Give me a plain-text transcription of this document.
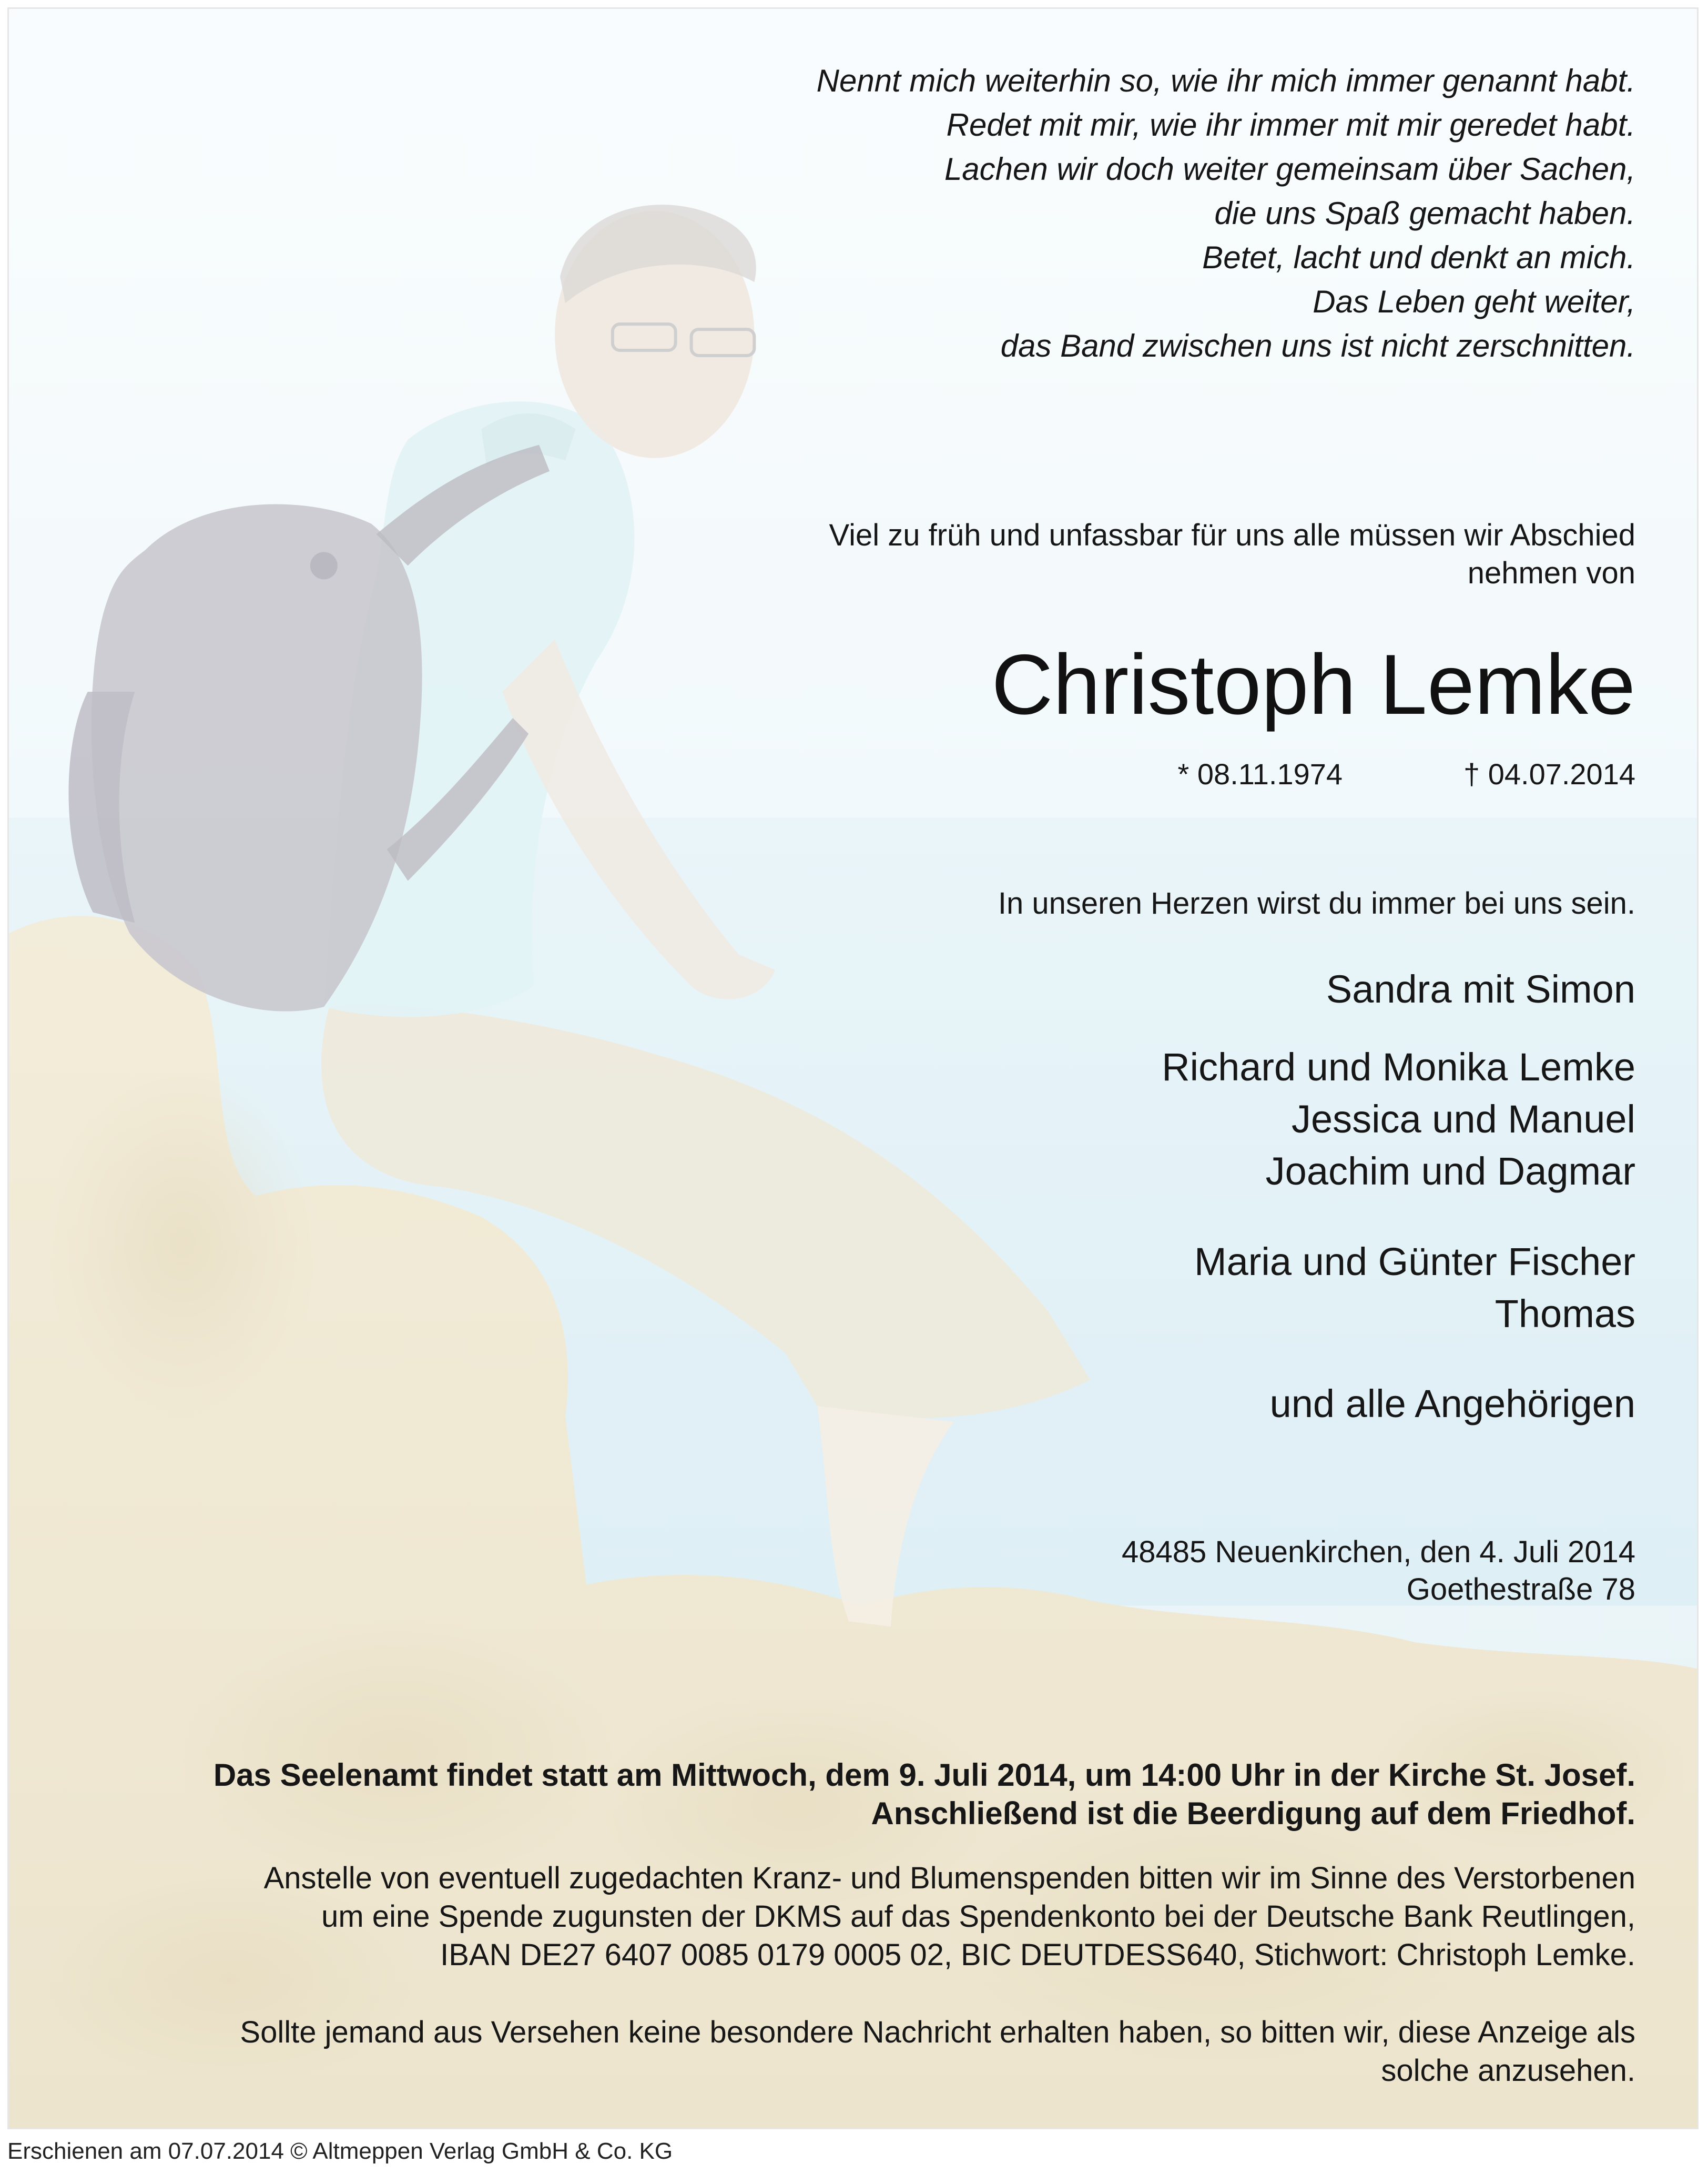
Nennt mich weiterhin so, wie ihr mich immer genannt habt.
Redet mit mir, wie ihr immer mit mir geredet habt.
Lachen wir doch weiter gemeinsam über Sachen,
die uns Spaß gemacht haben.
Betet, lacht und denkt an mich.
Das Leben geht weiter,
das Band zwischen uns ist nicht zerschnitten.
Viel zu früh und unfassbar für uns alle müssen wir Abschied
nehmen von
Christoph Lemke
* 08.11.1974	† 04.07.2014
In unseren Herzen wirst du immer bei uns sein.
Sandra mit Simon
Richard und Monika Lemke
Jessica und Manuel
Joachim und Dagmar
Maria und Günter Fischer
Thomas
und alle Angehörigen
48485 Neuenkirchen, den 4. Juli 2014
Goethestraße 78
Das Seelenamt findet statt am Mittwoch, dem 9. Juli 2014, um 14:00 Uhr in der Kirche St. Josef.
Anschließend ist die Beerdigung auf dem Friedhof.
Anstelle von eventuell zugedachten Kranz- und Blumenspenden bitten wir im Sinne des Verstorbenen
um eine Spende zugunsten der DKMS auf das Spendenkonto bei der Deutsche Bank Reutlingen,
IBAN DE27 6407 0085 0179 0005 02, BIC DEUTDESS640, Stichwort: Christoph Lemke.
Sollte jemand aus Versehen keine besondere Nachricht erhalten haben, so bitten wir, diese Anzeige als
solche anzusehen.
Erschienen am 07.07.2014 © Altmeppen Verlag GmbH & Co. KG
